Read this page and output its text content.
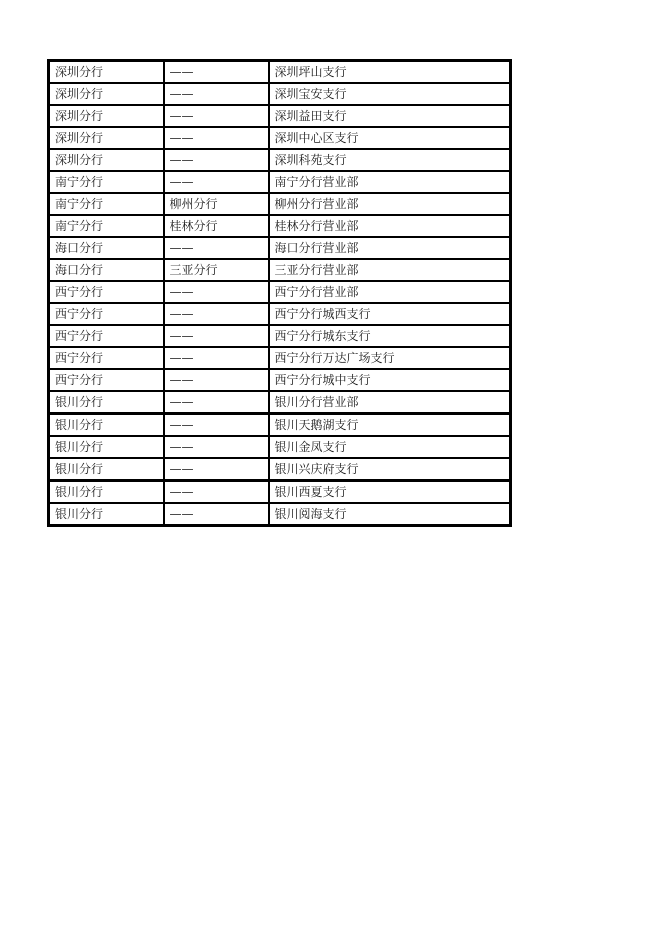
深圳分行	——	深圳坪山支行
深圳分行	——	深圳宝安支行
深圳分行	——	深圳益田支行
深圳分行	——	深圳中心区支行
深圳分行	——	深圳科苑支行
南宁分行	——	南宁分行营业部
南宁分行	柳州分行	柳州分行营业部
南宁分行	桂林分行	桂林分行营业部
海口分行	——	海口分行营业部
海口分行	三亚分行	三亚分行营业部
西宁分行	——	西宁分行营业部
西宁分行	——	西宁分行城西支行
西宁分行	——	西宁分行城东支行
西宁分行	——	西宁分行万达广场支行
西宁分行	——	西宁分行城中支行
银川分行	——	银川分行营业部
银川分行	——	银川天鹅湖支行
银川分行	——	银川金凤支行
银川分行	——	银川兴庆府支行
银川分行	——	银川西夏支行
银川分行	——	银川阅海支行
